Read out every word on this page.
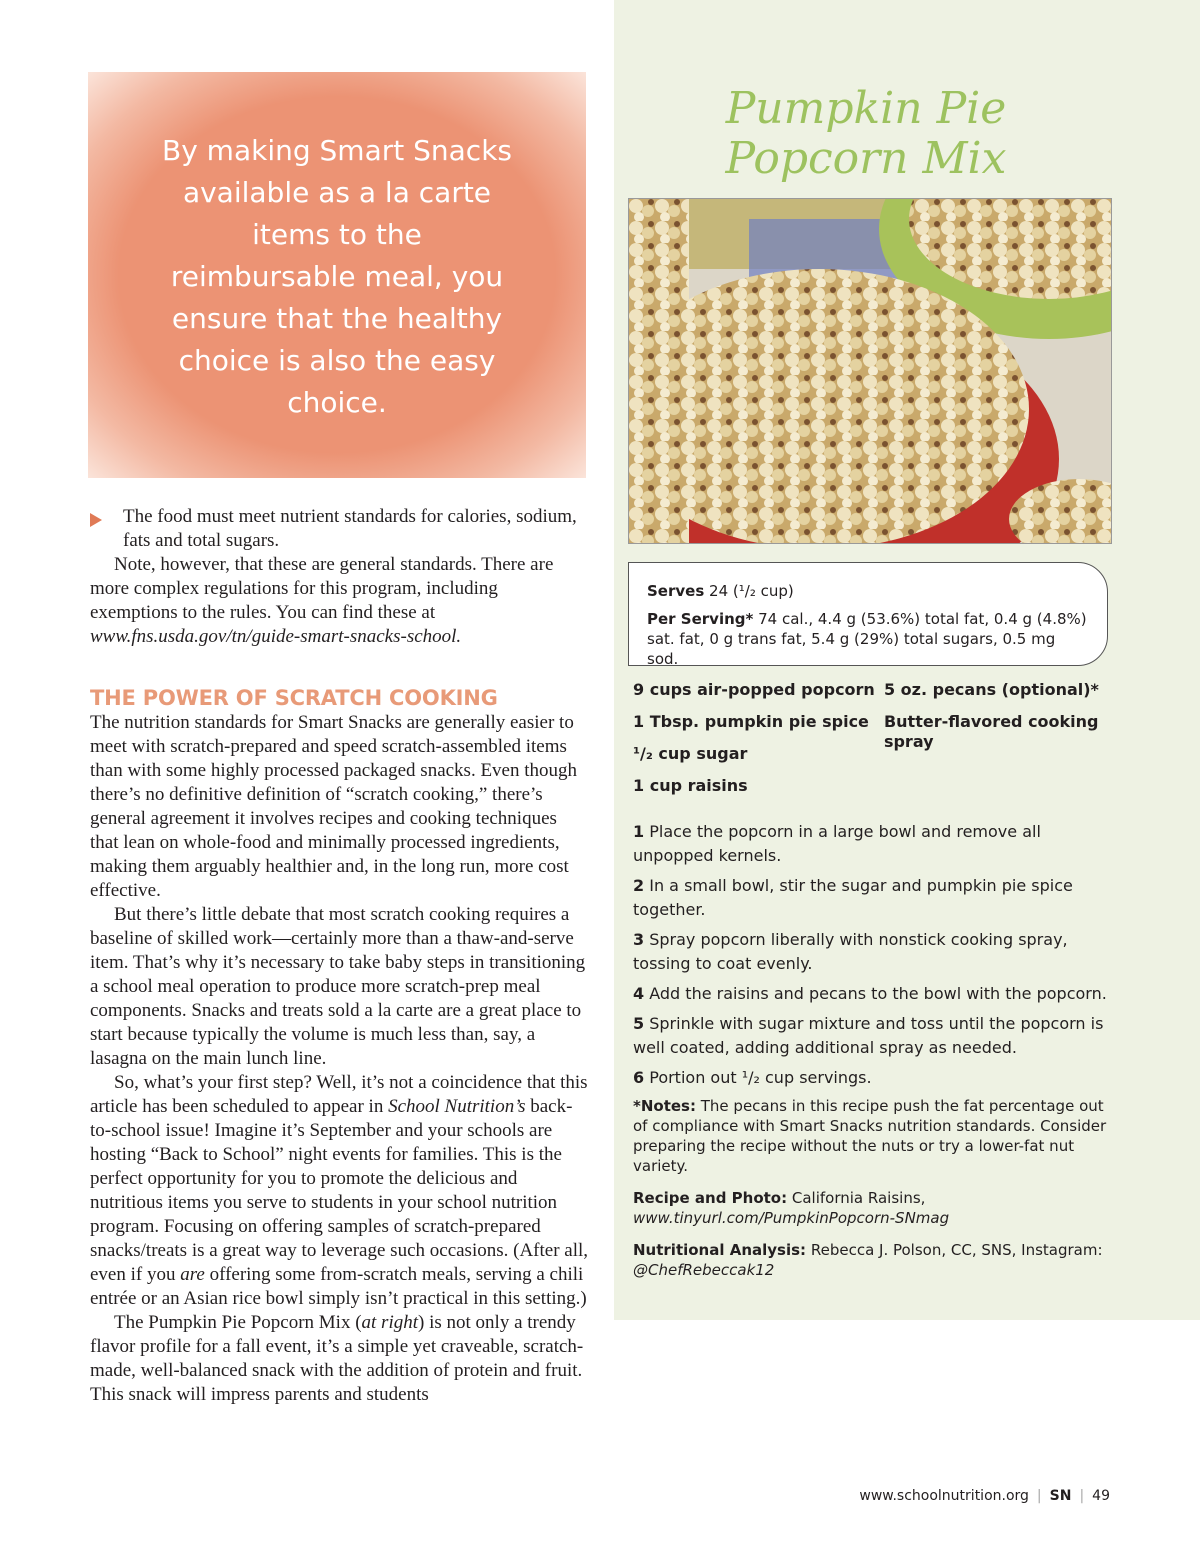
By making Smart Snacks available as a la carte items to the reimbursable meal, you ensure that the healthy choice is also the easy choice.
The food must meet nutrient standards for calories, sodium, fats and total sugars.

Note, however, that these are general standards. There are more complex regulations for this program, including exemptions to the rules. You can find these at www.fns.usda.gov/tn/guide-smart-snacks-school.

THE POWER OF SCRATCH COOKING

The nutrition standards for Smart Snacks are generally easier to meet with scratch-prepared and speed scratch-assembled items than with some highly processed packaged snacks. Even though there’s no definitive definition of “scratch cooking,” there’s general agreement it involves recipes and cooking techniques that lean on whole-food and minimally processed ingredients, making them arguably healthier and, in the long run, more cost effective.

But there’s little debate that most scratch cooking requires a baseline of skilled work—certainly more than a thaw-and-serve item. That’s why it’s necessary to take baby steps in transitioning a school meal operation to produce more scratch-prep meal components. Snacks and treats sold a la carte are a great place to start because typically the volume is much less than, say, a lasagna on the main lunch line.

So, what’s your first step? Well, it’s not a coincidence that this article has been scheduled to appear in School Nutrition’s back-to-school issue! Imagine it’s September and your schools are hosting “Back to School” night events for families. This is the perfect opportunity for you to promote the delicious and nutritious items you serve to students in your school nutrition program. Focusing on offering samples of scratch-prepared snacks/treats is a great way to leverage such occasions. (After all, even if you are offering some from-scratch meals, serving a chili entrée or an Asian rice bowl simply isn’t practical in this setting.)

The Pumpkin Pie Popcorn Mix (at right) is not only a trendy flavor profile for a fall event, it’s a simple yet craveable, scratch-made, well-balanced snack with the addition of protein and fruit. This snack will impress parents and students

Pumpkin Pie
Popcorn Mix
Serves 24 (¹/₂ cup)
Per Serving* 74 cal., 4.4 g (53.6%) total fat, 0.4 g (4.8%) sat. fat, 0 g trans fat, 5.4 g (29%) total sugars, 0.5 mg sod.
9 cups air-popped popcorn
1 Tbsp. pumpkin pie spice
¹/₂ cup sugar
1 cup raisins
5 oz. pecans (optional)*
Butter-flavored cooking spray
1 Place the popcorn in a large bowl and remove all unpopped kernels.
2 In a small bowl, stir the sugar and pumpkin pie spice together.
3 Spray popcorn liberally with nonstick cooking spray, tossing to coat evenly.
4 Add the raisins and pecans to the bowl with the popcorn.
5 Sprinkle with sugar mixture and toss until the popcorn is well coated, adding additional spray as needed.
6 Portion out ¹/₂ cup servings.
*Notes: The pecans in this recipe push the fat percentage out of compliance with Smart Snacks nutrition standards. Consider preparing the recipe without the nuts or try a lower-fat nut variety.
Recipe and Photo: California Raisins, www.tinyurl.com/PumpkinPopcorn-SNmag
Nutritional Analysis: Rebecca J. Polson, CC, SNS, Instagram: @ChefRebeccak12
www.schoolnutrition.org | SN | 49
